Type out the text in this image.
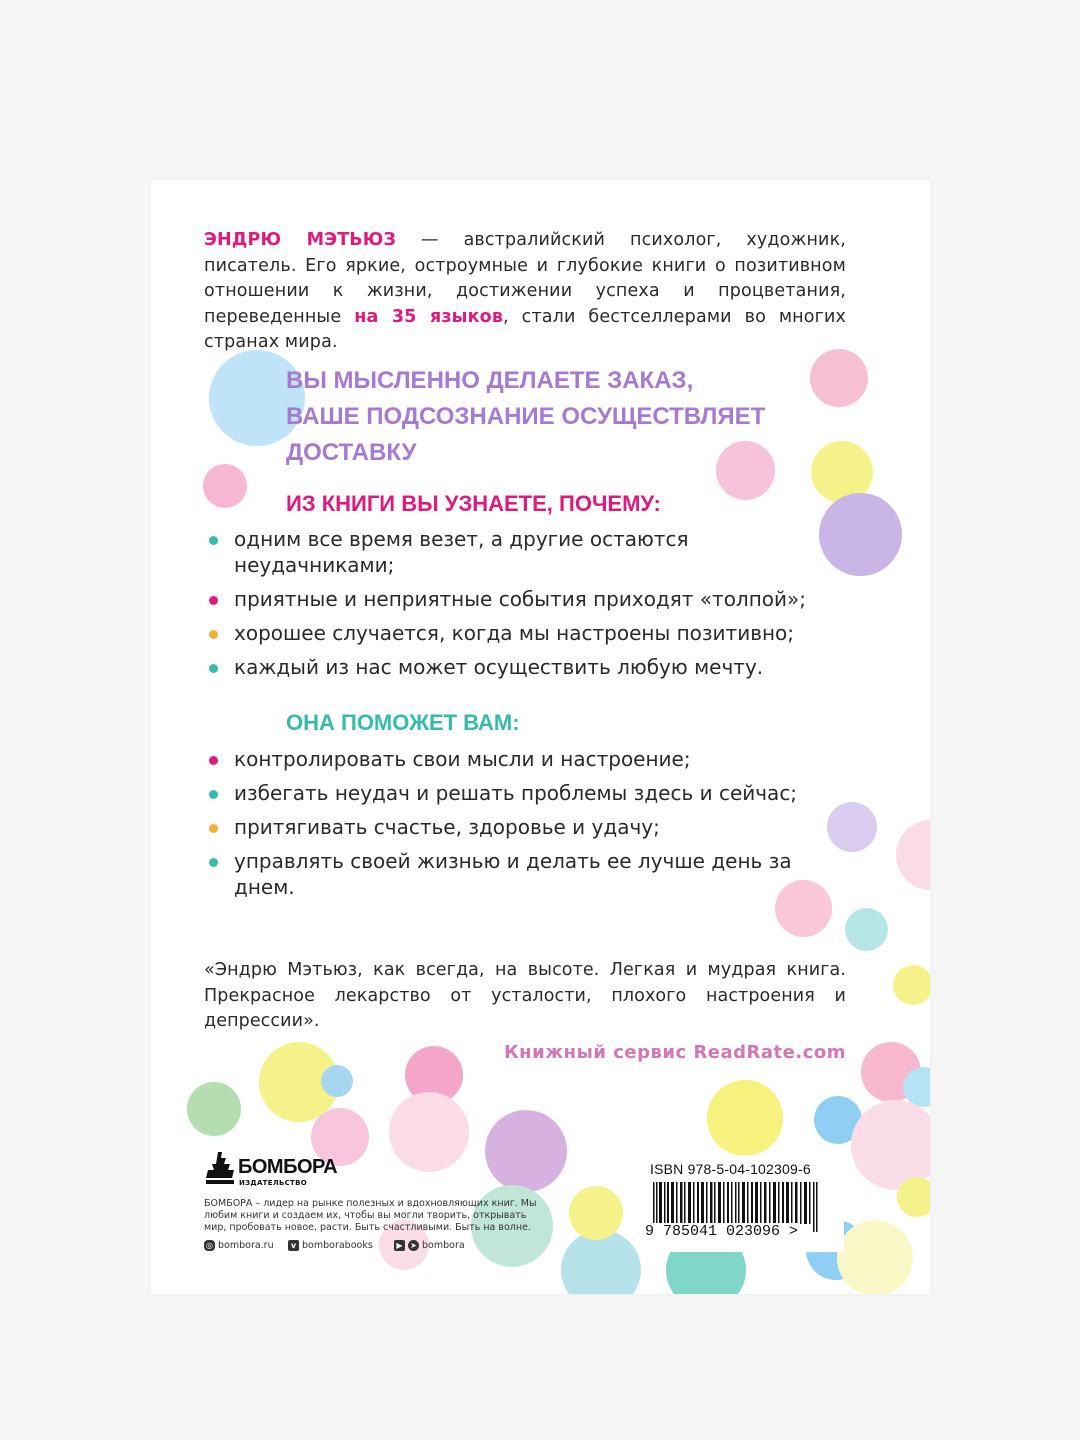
ЭНДРЮ МЭТЬЮЗ — австралийский психолог, художник, писатель. Его яркие, остроумные и глубокие книги о позитивном отношении к жизни, достижении успеха и процветания, переведенные на 35 языков, стали бестселлерами во многих странах мира.
ВЫ МЫСЛЕННО ДЕЛАЕТЕ ЗАКАЗ,
ВАШЕ ПОДСОЗНАНИЕ ОСУЩЕСТВЛЯЕТ
ДОСТАВКУ
ИЗ КНИГИ ВЫ УЗНАЕТЕ, ПОЧЕМУ:
одним все время везет, а другие остаются неудачниками;
приятные и неприятные события приходят «толпой»;
хорошее случается, когда мы настроены позитивно;
каждый из нас может осуществить любую мечту.
ОНА ПОМОЖЕТ ВАМ:
контролировать свои мысли и настроение;
избегать неудач и решать проблемы здесь и сейчас;
притягивать счастье, здоровье и удачу;
управлять своей жизнью и делать ее лучше день за днем.
«Эндрю Мэтьюз, как всегда, на высоте. Легкая и мудрая книга. Прекрасное лекарство от усталости, плохого настроения и депрессии».
Книжный сервис ReadRate.com
БОМБОРА
ИЗДАТЕЛЬСТВО
БОМБОРА – лидер на рынке полезных и вдохновляющих книг. Мы любим книги и создаем их, чтобы вы могли творить, открывать мир, пробовать новое, расти. Быть счастливыми. Быть на волне.
◎ bombora.ru	v bomborabooks	▶ ➤ bombora
ISBN 978-5-04-102309-6
9 785041 023096 >
